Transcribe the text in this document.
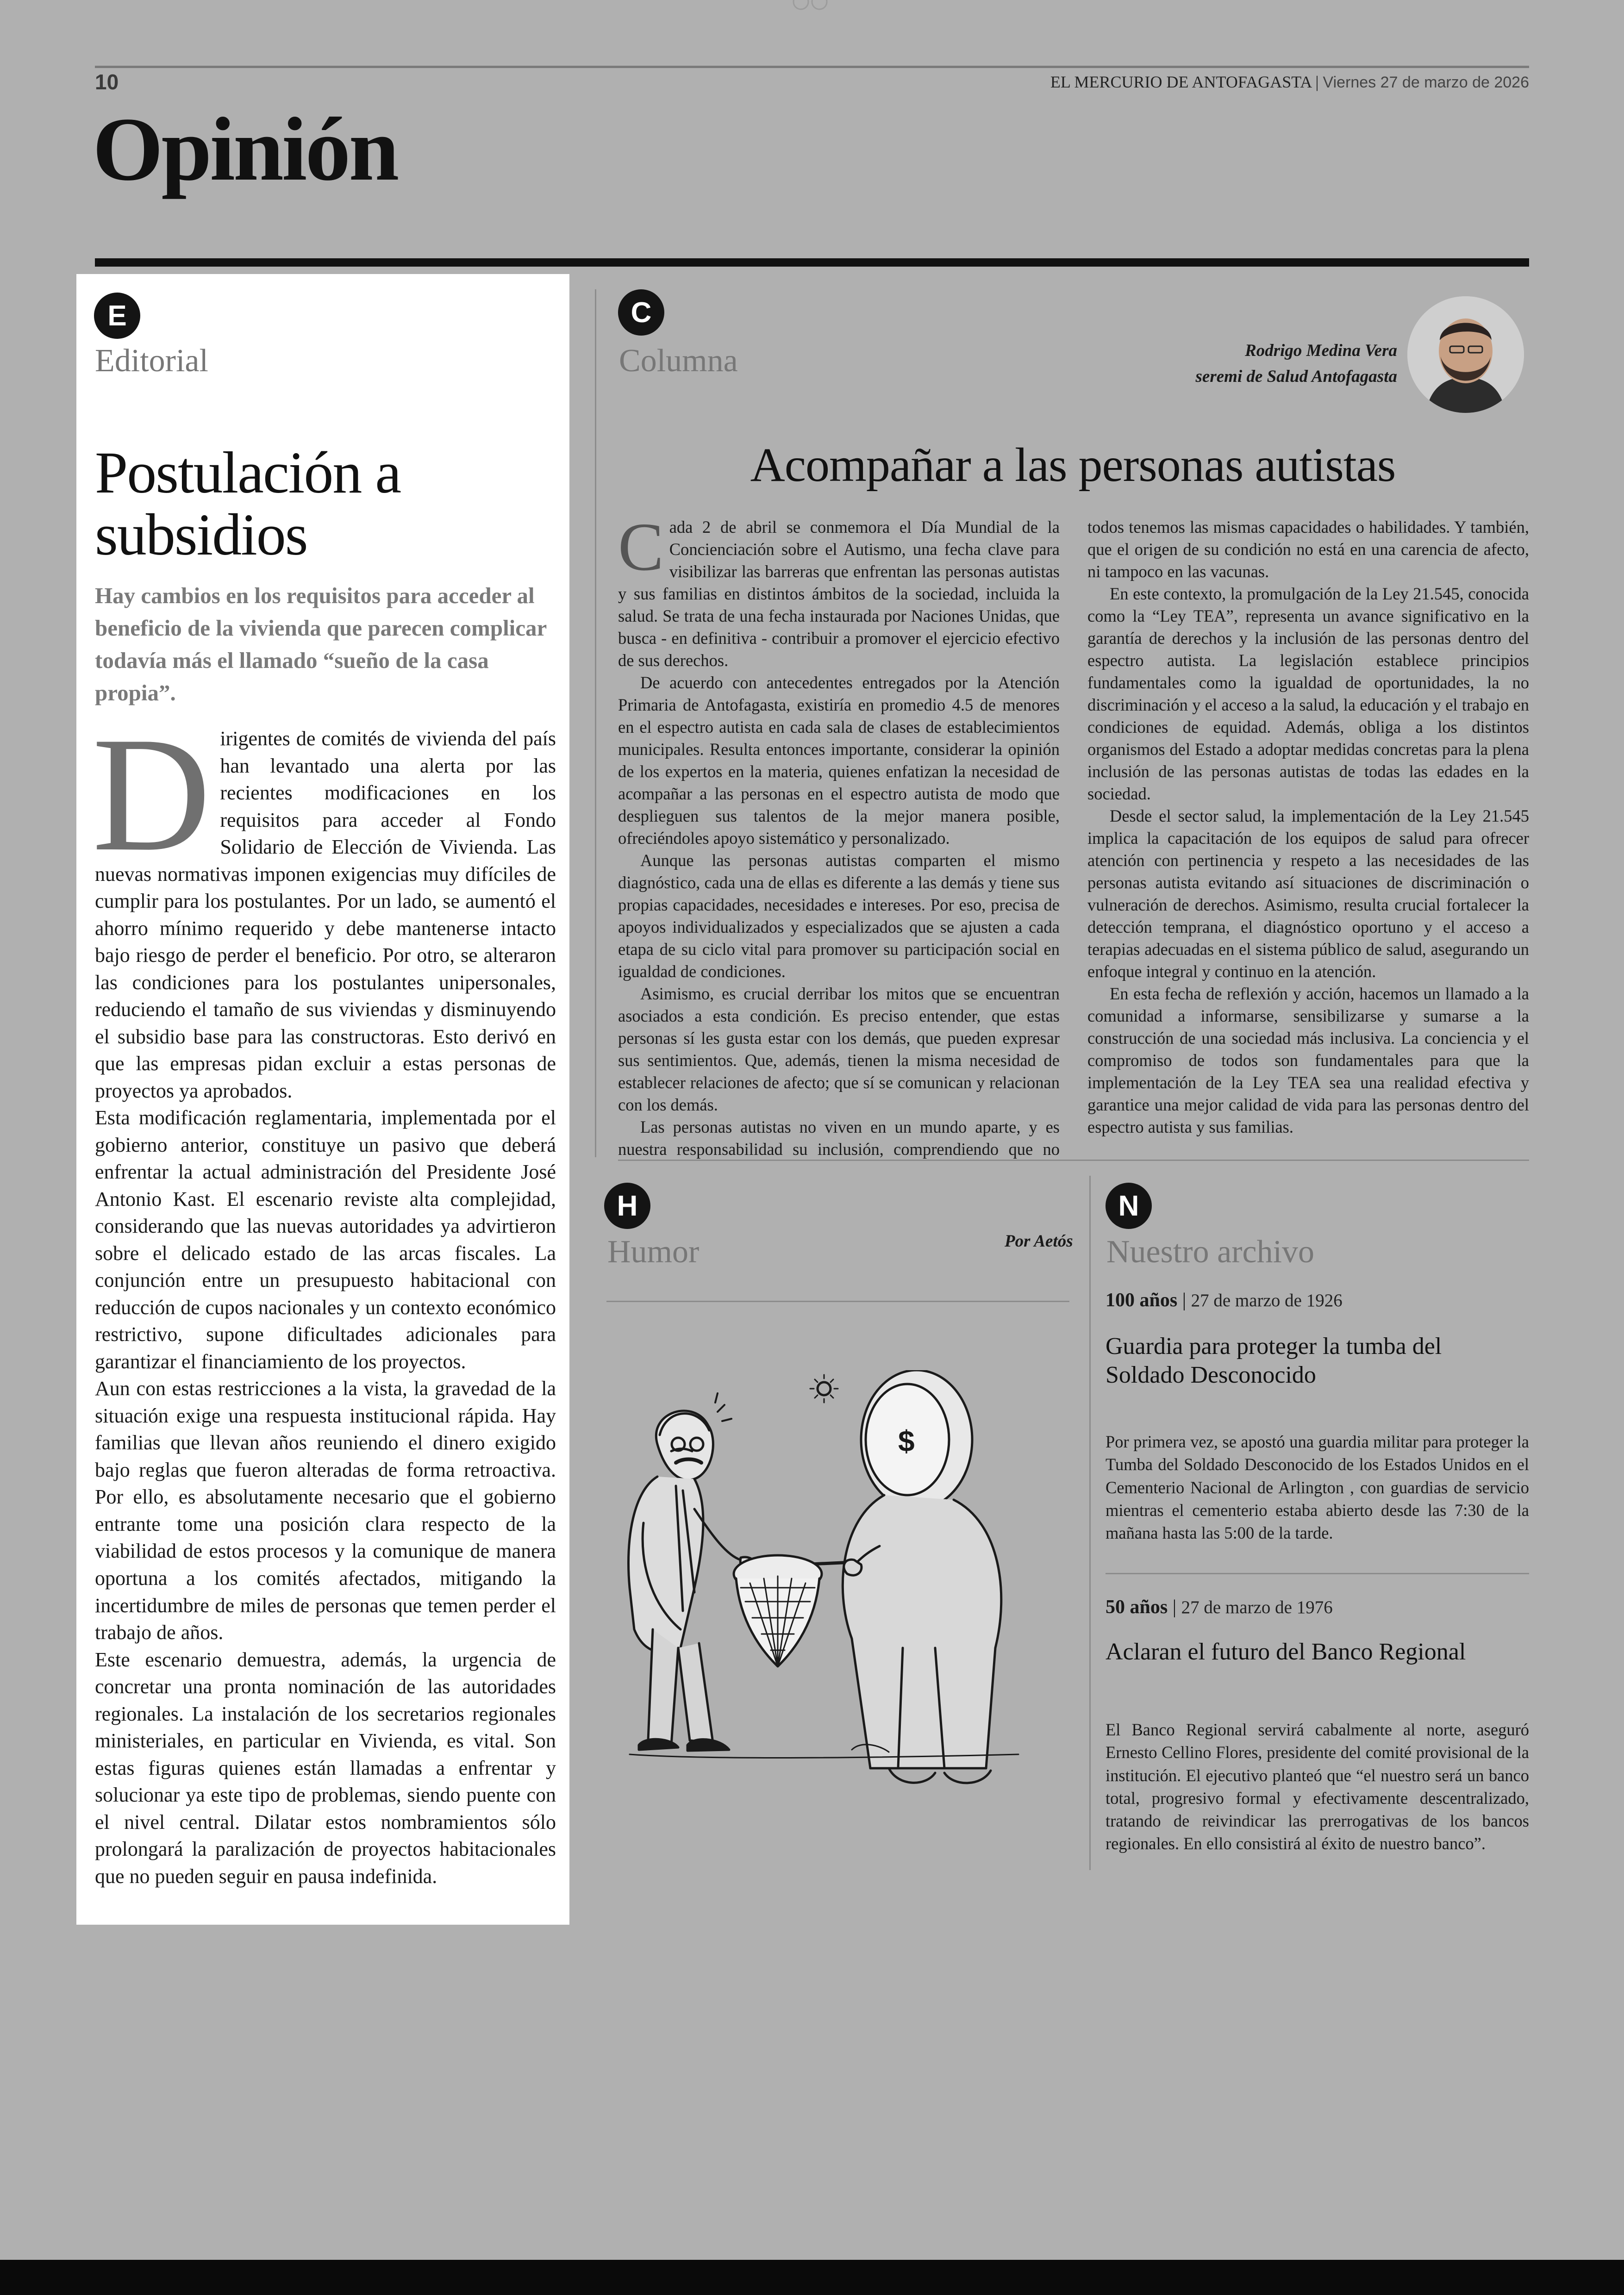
10	EL MERCURIO DE ANTOFAGASTA | Viernes 27 de marzo de 2026
Opinión
E
Editorial
Postulación a subsidios

Hay cambios en los requisitos para acceder al beneficio de la vivienda que parecen complicar todavía más el llamado “sueño de la casa propia”.

Dirigentes de comités de vivienda del país han levantado una alerta por las recientes modificaciones en los requisitos para acceder al Fondo Solidario de Elección de Vivienda. Las nuevas normativas imponen exigencias muy difíciles de cumplir para los postulantes. Por un lado, se aumentó el ahorro mínimo requerido y debe mantenerse intacto bajo riesgo de perder el beneficio. Por otro, se alteraron las condiciones para los postulantes unipersonales, reduciendo el tamaño de sus viviendas y disminuyendo el subsidio base para las constructoras. Esto derivó en que las empresas pidan excluir a estas personas de proyectos ya aprobados.

Esta modificación reglamentaria, implementada por el gobierno anterior, constituye un pasivo que deberá enfrentar la actual administración del Presidente José Antonio Kast. El escenario reviste alta complejidad, considerando que las nuevas autoridades ya advirtieron sobre el delicado estado de las arcas fiscales. La conjunción entre un presupuesto habitacional con reducción de cupos nacionales y un contexto económico restrictivo, supone dificultades adicionales para garantizar el financiamiento de los proyectos.

Aun con estas restricciones a la vista, la gravedad de la situación exige una respuesta institucional rápida. Hay familias que llevan años reuniendo el dinero exigido bajo reglas que fueron alteradas de forma retroactiva. Por ello, es absolutamente necesario que el gobierno entrante tome una posición clara respecto de la viabilidad de estos procesos y la comunique de manera oportuna a los comités afectados, mitigando la incertidumbre de miles de personas que temen perder el trabajo de años.

Este escenario demuestra, además, la urgencia de concretar una pronta nominación de las autoridades regionales. La instalación de los secretarios regionales ministeriales, en particular en Vivienda, es vital. Son estas figuras quienes están llamadas a enfrentar y solucionar ya este tipo de problemas, siendo puente con el nivel central. Dilatar estos nombramientos sólo prolongará la paralización de proyectos habitacionales que no pueden seguir en pausa indefinida.

C
Columna	Rodrigo Medina Vera
seremi de Salud Antofagasta
Acompañar a las personas autistas

Cada 2 de abril se conmemora el Día Mundial de la Concienciación sobre el Autismo, una fecha clave para visibilizar las barreras que enfrentan las personas autistas y sus familias en distintos ámbitos de la sociedad, incluida la salud. Se trata de una fecha instaurada por Naciones Unidas, que busca - en definitiva - contribuir a promover el ejercicio efectivo de sus derechos.

De acuerdo con antecedentes entregados por la Atención Primaria de Antofagasta, existiría en promedio 4.5 de menores en el espectro autista en cada sala de clases de establecimientos municipales. Resulta entonces importante, considerar la opinión de los expertos en la materia, quienes enfatizan la necesidad de acompañar a las personas en el espectro autista de modo que desplieguen sus talentos de la mejor manera posible, ofreciéndoles apoyo sistemático y personalizado.

Aunque las personas autistas comparten el mismo diagnóstico, cada una de ellas es diferente a las demás y tiene sus propias capacidades, necesidades e intereses. Por eso, precisa de apoyos individualizados y especializados que se ajusten a cada etapa de su ciclo vital para promover su participación social en igualdad de condiciones.

Asimismo, es crucial derribar los mitos que se encuentran asociados a esta condición. Es preciso entender, que estas personas sí les gusta estar con los demás, que pueden expresar sus sentimientos. Que, además, tienen la misma necesidad de establecer relaciones de afecto; que sí se comunican y relacionan con los demás.

Las personas autistas no viven en un mundo aparte, y es nuestra responsabilidad su inclusión, comprendiendo que no todos tenemos las mismas capacidades o habilidades. Y también, que el origen de su condición no está en una carencia de afecto, ni tampoco en las vacunas.

En este contexto, la promulgación de la Ley 21.545, conocida como la “Ley TEA”, representa un avance significativo en la garantía de derechos y la inclusión de las personas dentro del espectro autista. La legislación establece principios fundamentales como la igualdad de oportunidades, la no discriminación y el acceso a la salud, la educación y el trabajo en condiciones de equidad. Además, obliga a los distintos organismos del Estado a adoptar medidas concretas para la plena inclusión de las personas autistas de todas las edades en la sociedad.

Desde el sector salud, la implementación de la Ley 21.545 implica la capacitación de los equipos de salud para ofrecer atención con pertinencia y respeto a las necesidades de las personas autista evitando así situaciones de discriminación o vulneración de derechos. Asimismo, resulta crucial fortalecer la detección temprana, el diagnóstico oportuno y el acceso a terapias adecuadas en el sistema público de salud, asegurando un enfoque integral y continuo en la atención.

En esta fecha de reflexión y acción, hacemos un llamado a la comunidad a informarse, sensibilizarse y sumarse a la construcción de una sociedad más inclusiva. La conciencia y el compromiso de todos son fundamentales para que la implementación de la Ley TEA sea una realidad efectiva y garantice una mejor calidad de vida para las personas dentro del espectro autista y sus familias.

H
Humor	Por Aetós
$
N
Nuestro archivo
100 años | 27 de marzo de 1926
Guardia para proteger la tumba del Soldado Desconocido

Por primera vez, se apostó una guardia militar para proteger la Tumba del Soldado Desconocido de los Estados Unidos en el Cementerio Nacional de Arlington , con guardias de servicio mientras el cementerio estaba abierto desde las 7:30 de la mañana hasta las 5:00 de la tarde.

50 años | 27 de marzo de 1976
Aclaran el futuro del Banco Regional

El Banco Regional servirá cabalmente al norte, aseguró Ernesto Cellino Flores, presidente del comité provisional de la institución. El ejecutivo planteó que “el nuestro será un banco total, progresivo formal y efectivamente descentralizado, tratando de reivindicar las prerrogativas de los bancos regionales. En ello consistirá al éxito de nuestro banco”.
